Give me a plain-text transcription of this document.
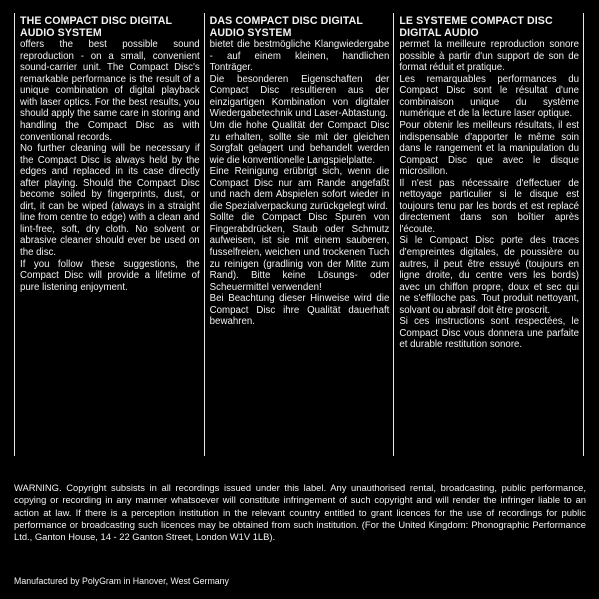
THE COMPACT DISC DIGITAL AUDIO SYSTEM

offers the best possible sound reproduction - on a small, convenient sound-carrier unit. The Compact Disc's remarkable performance is the result of a unique combination of digital playback with laser optics. For the best results, you should apply the same care in storing and handling the Compact Disc as with conventional records.

No further cleaning will be necessary if the Compact Disc is always held by the edges and replaced in its case directly after playing. Should the Compact Disc become soiled by fingerprints, dust, or dirt, it can be wiped (always in a straight line from centre to edge) with a clean and lint-free, soft, dry cloth. No solvent or abrasive cleaner should ever be used on the disc.

If you follow these suggestions, the Compact Disc will provide a lifetime of pure listening enjoyment.

DAS COMPACT DISC DIGITAL AUDIO SYSTEM

bietet die bestmögliche Klangwiedergabe - auf einem kleinen, handlichen Tonträger.

Die besonderen Eigenschaften der Compact Disc resultieren aus der einzigartigen Kombination von digitaler Wiedergabetechnik und Laser-Abtastung.

Um die hohe Qualität der Compact Disc zu erhalten, sollte sie mit der gleichen Sorgfalt gelagert und behandelt werden wie die konventionelle Langspielplatte.

Eine Reinigung erübrigt sich, wenn die Compact Disc nur am Rande angefaßt und nach dem Abspielen sofort wieder in die Spezialverpackung zurückgelegt wird.

Sollte die Compact Disc Spuren von Fingerabdrücken, Staub oder Schmutz aufweisen, ist sie mit einem sauberen, fusselfreien, weichen und trockenen Tuch zu reinigen (gradlinig von der Mitte zum Rand). Bitte keine Lösungs- oder Scheuermittel verwenden!

Bei Beachtung dieser Hinweise wird die Compact Disc ihre Qualität dauerhaft bewahren.

LE SYSTEME COMPACT DISC DIGITAL AUDIO

permet la meilleure reproduction sonore possible à partir d'un support de son de format réduit et pratique.

Les remarquables performances du Compact Disc sont le résultat d'une combinaison unique du système numérique et de la lecture laser optique.

Pour obtenir les meilleurs résultats, il est indispensable d'apporter le même soin dans le rangement et la manipulation du Compact Disc que avec le disque microsillon.

Il n'est pas nécessaire d'effectuer de nettoyage particulier si le disque est toujours tenu par les bords et est replacé directement dans son boîtier après l'écoute.

Si le Compact Disc porte des traces d'empreintes digitales, de poussière ou autres, il peut être essuyé (toujours en ligne droite, du centre vers les bords) avec un chiffon propre, doux et sec qui ne s'effiloche pas. Tout produit nettoyant, solvant ou abrasif doit être proscrit.

Si ces instructions sont respectées, le Compact Disc vous donnera une parfaite et durable restitution sonore.

WARNING. Copyright subsists in all recordings issued under this label. Any unauthorised rental, broadcasting, public performance, copying or recording in any manner whatsoever will constitute infringement of such copyright and will render the infringer liable to an action at law. If there is a perception institution in the relevant country entitled to grant licences for the use of recordings for public performance or broadcasting such licences may be obtained from such institution. (For the United Kingdom: Phonographic Performance Ltd., Ganton House, 14 - 22 Ganton Street, London W1V 1LB).
Manufactured by PolyGram in Hanover, West Germany
